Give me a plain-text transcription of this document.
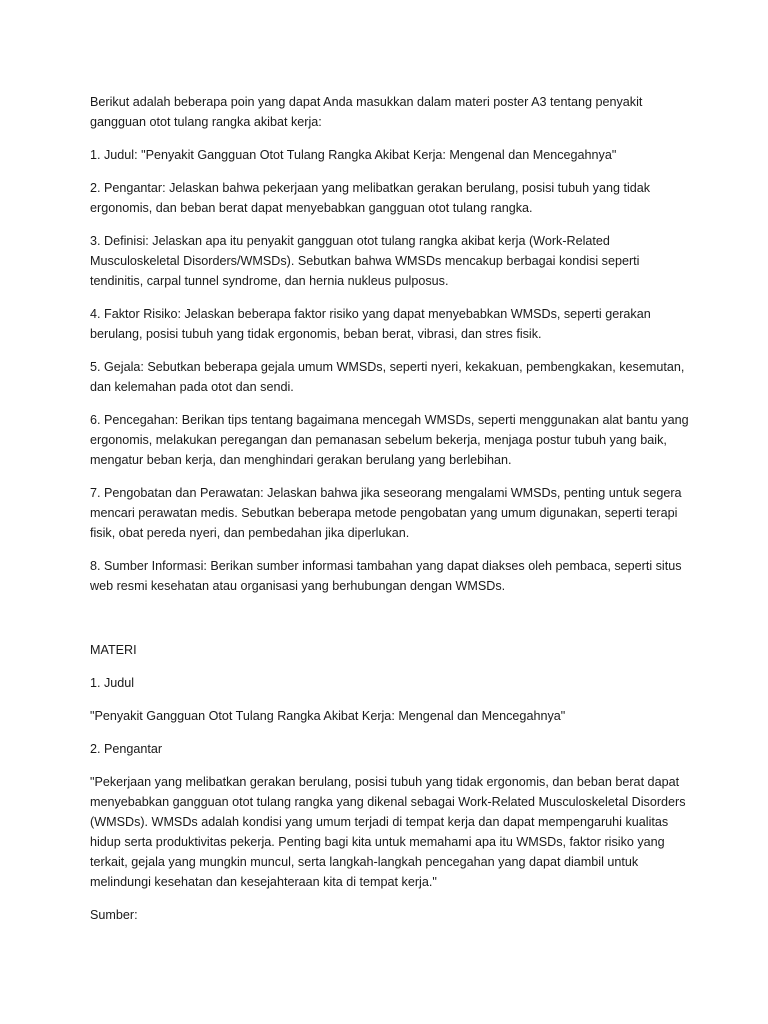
Berikut adalah beberapa poin yang dapat Anda masukkan dalam materi poster A3 tentang penyakit gangguan otot tulang rangka akibat kerja:

1. Judul: "Penyakit Gangguan Otot Tulang Rangka Akibat Kerja: Mengenal dan Mencegahnya"

2. Pengantar: Jelaskan bahwa pekerjaan yang melibatkan gerakan berulang, posisi tubuh yang tidak ergonomis, dan beban berat dapat menyebabkan gangguan otot tulang rangka.

3. Definisi: Jelaskan apa itu penyakit gangguan otot tulang rangka akibat kerja (Work-Related Musculoskeletal Disorders/WMSDs). Sebutkan bahwa WMSDs mencakup berbagai kondisi seperti tendinitis, carpal tunnel syndrome, dan hernia nukleus pulposus.

4. Faktor Risiko: Jelaskan beberapa faktor risiko yang dapat menyebabkan WMSDs, seperti gerakan berulang, posisi tubuh yang tidak ergonomis, beban berat, vibrasi, dan stres fisik.

5. Gejala: Sebutkan beberapa gejala umum WMSDs, seperti nyeri, kekakuan, pembengkakan, kesemutan, dan kelemahan pada otot dan sendi.

6. Pencegahan: Berikan tips tentang bagaimana mencegah WMSDs, seperti menggunakan alat bantu yang ergonomis, melakukan peregangan dan pemanasan sebelum bekerja, menjaga postur tubuh yang baik, mengatur beban kerja, dan menghindari gerakan berulang yang berlebihan.

7. Pengobatan dan Perawatan: Jelaskan bahwa jika seseorang mengalami WMSDs, penting untuk segera mencari perawatan medis. Sebutkan beberapa metode pengobatan yang umum digunakan, seperti terapi fisik, obat pereda nyeri, dan pembedahan jika diperlukan.

8. Sumber Informasi: Berikan sumber informasi tambahan yang dapat diakses oleh pembaca, seperti situs web resmi kesehatan atau organisasi yang berhubungan dengan WMSDs.

MATERI

1. Judul

"Penyakit Gangguan Otot Tulang Rangka Akibat Kerja: Mengenal dan Mencegahnya"

2. Pengantar

"Pekerjaan yang melibatkan gerakan berulang, posisi tubuh yang tidak ergonomis, dan beban berat dapat menyebabkan gangguan otot tulang rangka yang dikenal sebagai Work-Related Musculoskeletal Disorders (WMSDs). WMSDs adalah kondisi yang umum terjadi di tempat kerja dan dapat mempengaruhi kualitas hidup serta produktivitas pekerja. Penting bagi kita untuk memahami apa itu WMSDs, faktor risiko yang terkait, gejala yang mungkin muncul, serta langkah-langkah pencegahan yang dapat diambil untuk melindungi kesehatan dan kesejahteraan kita di tempat kerja."

Sumber:
